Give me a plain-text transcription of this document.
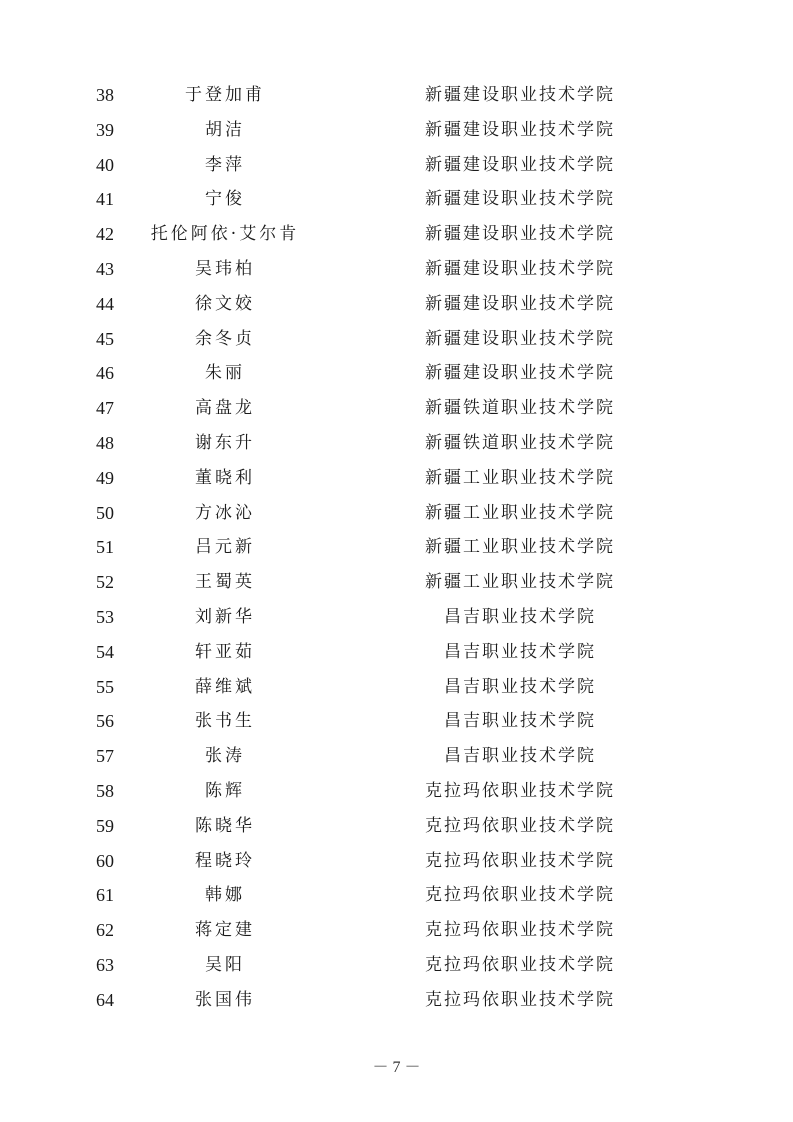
38	于登加甫	新疆建设职业技术学院
39	胡洁	新疆建设职业技术学院
40	李萍	新疆建设职业技术学院
41	宁俊	新疆建设职业技术学院
42	托伦阿依·艾尔肯	新疆建设职业技术学院
43	吴玮柏	新疆建设职业技术学院
44	徐文姣	新疆建设职业技术学院
45	余冬贞	新疆建设职业技术学院
46	朱丽	新疆建设职业技术学院
47	高盘龙	新疆铁道职业技术学院
48	谢东升	新疆铁道职业技术学院
49	董晓利	新疆工业职业技术学院
50	方冰沁	新疆工业职业技术学院
51	吕元新	新疆工业职业技术学院
52	王蜀英	新疆工业职业技术学院
53	刘新华	昌吉职业技术学院
54	轩亚茹	昌吉职业技术学院
55	薛维斌	昌吉职业技术学院
56	张书生	昌吉职业技术学院
57	张涛	昌吉职业技术学院
58	陈辉	克拉玛依职业技术学院
59	陈晓华	克拉玛依职业技术学院
60	程晓玲	克拉玛依职业技术学院
61	韩娜	克拉玛依职业技术学院
62	蒋定建	克拉玛依职业技术学院
63	吴阳	克拉玛依职业技术学院
64	张国伟	克拉玛依职业技术学院
－ 7 －
